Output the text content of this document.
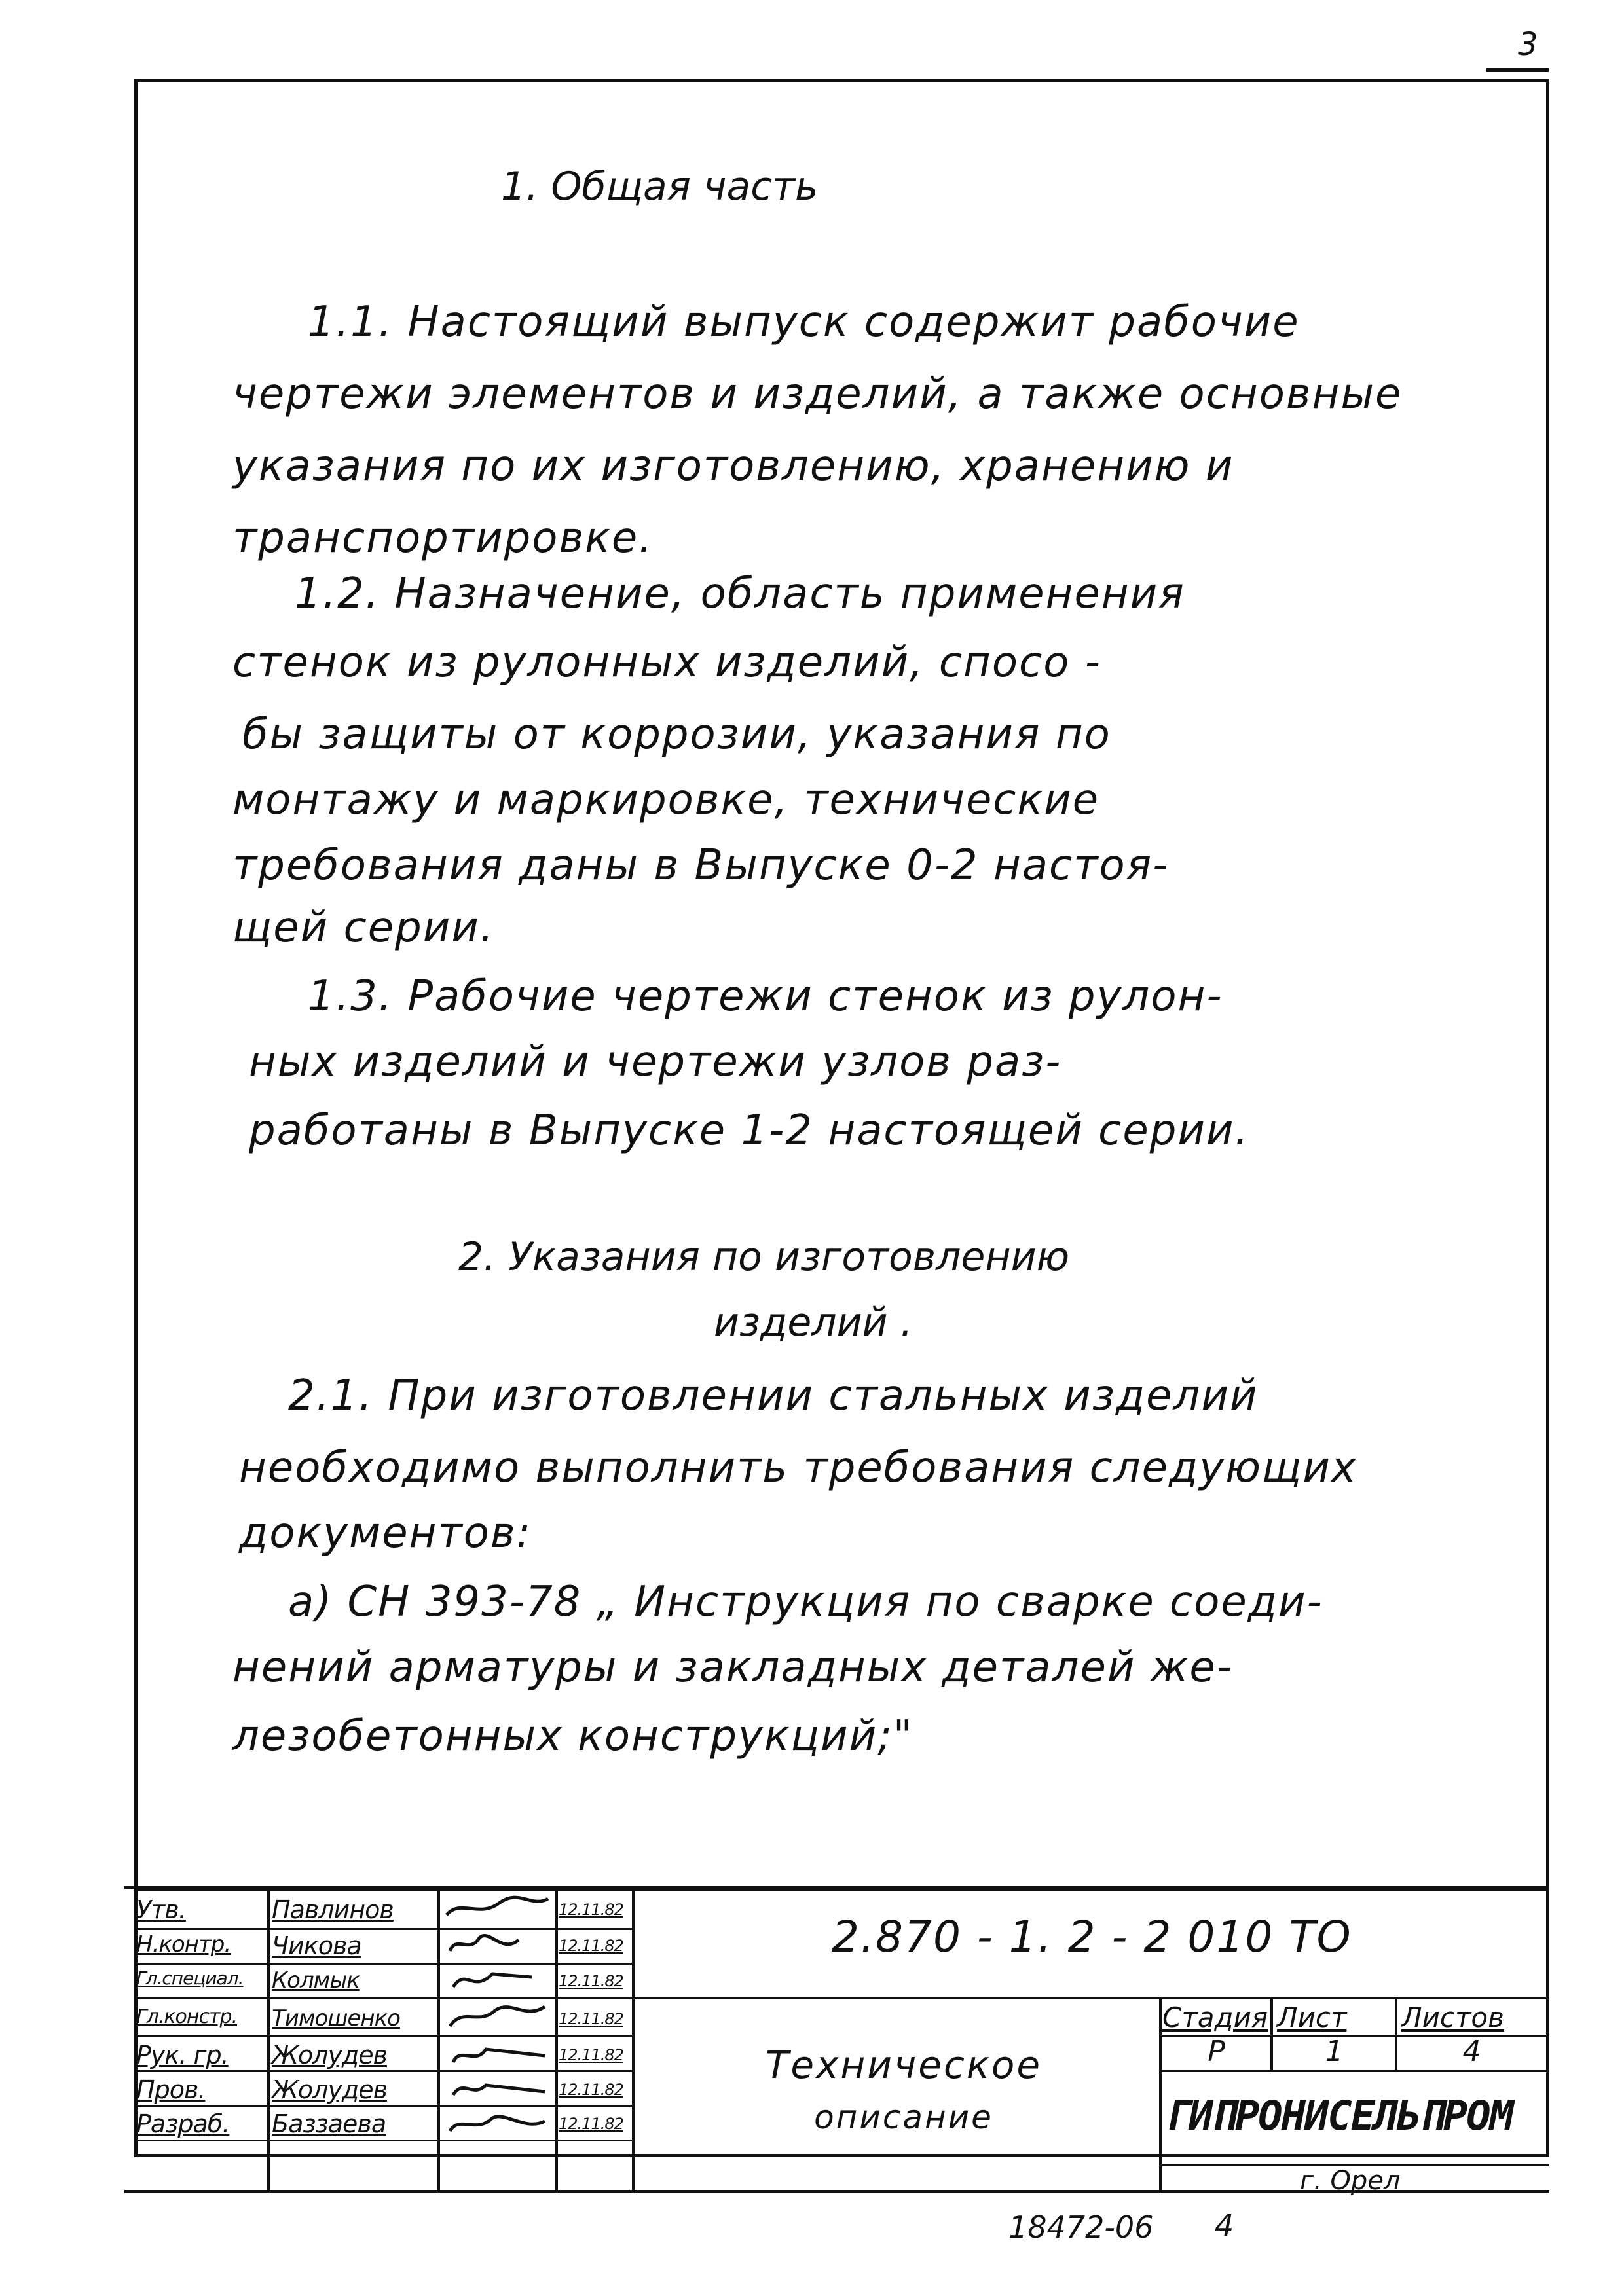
3
1. Общая часть
1.1. Настоящий выпуск содержит рабочие
чертежи элементов и изделий, а также основные
указания по их изготовлению, хранению и
транспортировке.
1.2. Назначение, область применения
стенок из рулонных изделий, спосо -
бы защиты от коррозии, указания по
монтажу и маркировке, технические
требования даны в Выпуске 0-2 настоя-
щей серии.
1.3. Рабочие чертежи стенок из рулон-
ных изделий и чертежи узлов раз-
работаны в Выпуске 1-2 настоящей серии.
2. Указания по изготовлению
изделий .
2.1. При изготовлении стальных изделий
необходимо выполнить требования следующих
документов:
а) СН 393-78 „ Инструкция по сварке соеди-
нений арматуры и закладных деталей же-
лезобетонных конструкций;"
Утв.	Павлинов	12.11.82
Н.контр. Чикова	12.11.82
Гл.специал. Колмык	12.11.82
Гл.констр. Тимошенко	12.11.82
Рук. гр. Жолудев	12.11.82
Пров.	Жолудев	12.11.82
Разраб. Баззаева	12.11.82
2.870 - 1. 2 - 2 010 ТО
Техническое
описание
Стадия Лист Листов
Р	1	4
ГИПРОНИСЕЛЬПРОМ
г. Орел
18472-06 4
